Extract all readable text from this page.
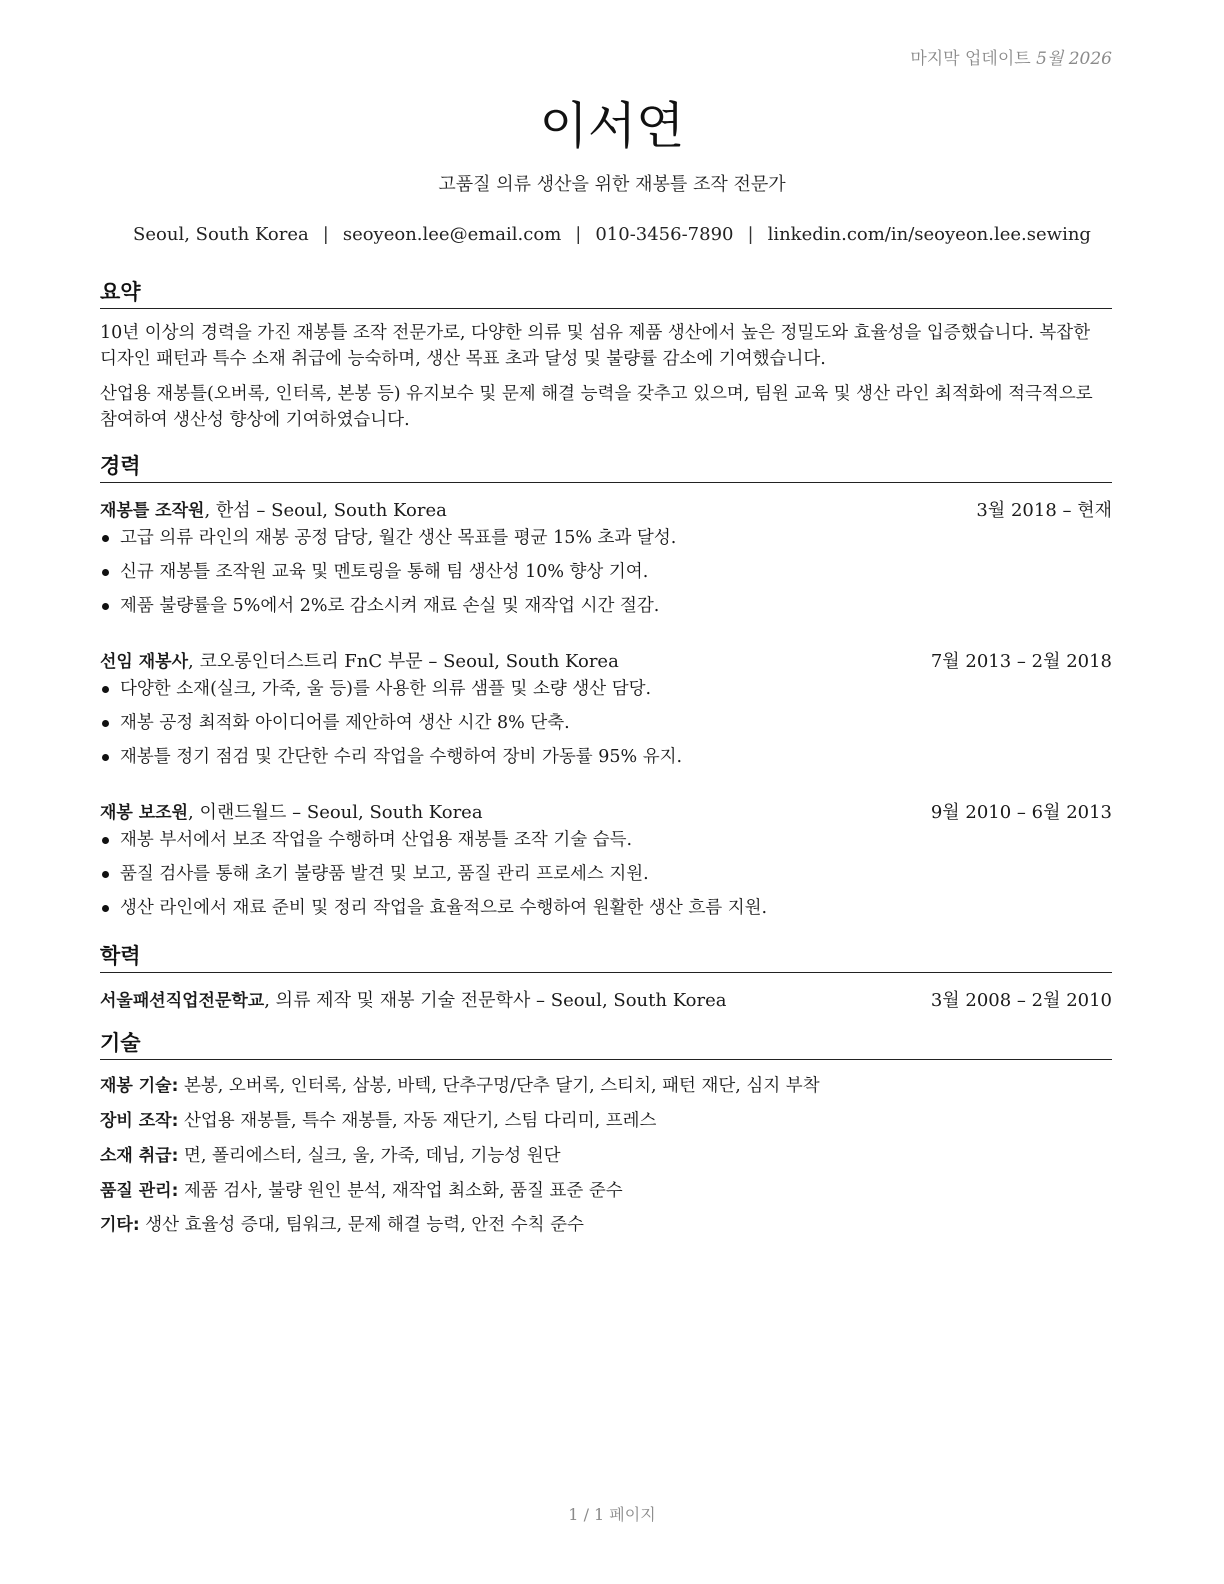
마지막 업데이트 5월 2026
이서연
고품질 의류 생산을 위한 재봉틀 조작 전문가
Seoul, South Korea | seoyeon.lee@email.com | 010-3456-7890 | linkedin.com/in/seoyeon.lee.sewing
요약
10년 이상의 경력을 가진 재봉틀 조작 전문가로, 다양한 의류 및 섬유 제품 생산에서 높은 정밀도와 효율성을 입증했습니다. 복잡한 디자인 패턴과 특수 소재 취급에 능숙하며, 생산 목표 초과 달성 및 불량률 감소에 기여했습니다.
산업용 재봉틀(오버록, 인터록, 본봉 등) 유지보수 및 문제 해결 능력을 갖추고 있으며, 팀원 교육 및 생산 라인 최적화에 적극적으로 참여하여 생산성 향상에 기여하였습니다.
경력
재봉틀 조작원, 한섬 – Seoul, South Korea	3월 2018 – 현재
고급 의류 라인의 재봉 공정 담당, 월간 생산 목표를 평균 15% 초과 달성.
신규 재봉틀 조작원 교육 및 멘토링을 통해 팀 생산성 10% 향상 기여.
제품 불량률을 5%에서 2%로 감소시켜 재료 손실 및 재작업 시간 절감.
선임 재봉사, 코오롱인더스트리 FnC 부문 – Seoul, South Korea	7월 2013 – 2월 2018
다양한 소재(실크, 가죽, 울 등)를 사용한 의류 샘플 및 소량 생산 담당.
재봉 공정 최적화 아이디어를 제안하여 생산 시간 8% 단축.
재봉틀 정기 점검 및 간단한 수리 작업을 수행하여 장비 가동률 95% 유지.
재봉 보조원, 이랜드월드 – Seoul, South Korea	9월 2010 – 6월 2013
재봉 부서에서 보조 작업을 수행하며 산업용 재봉틀 조작 기술 습득.
품질 검사를 통해 초기 불량품 발견 및 보고, 품질 관리 프로세스 지원.
생산 라인에서 재료 준비 및 정리 작업을 효율적으로 수행하여 원활한 생산 흐름 지원.
학력
서울패션직업전문학교, 의류 제작 및 재봉 기술 전문학사 – Seoul, South Korea	3월 2008 – 2월 2010
기술
재봉 기술: 본봉, 오버록, 인터록, 삼봉, 바텍, 단추구멍/단추 달기, 스티치, 패턴 재단, 심지 부착
장비 조작: 산업용 재봉틀, 특수 재봉틀, 자동 재단기, 스팀 다리미, 프레스
소재 취급: 면, 폴리에스터, 실크, 울, 가죽, 데님, 기능성 원단
품질 관리: 제품 검사, 불량 원인 분석, 재작업 최소화, 품질 표준 준수
기타: 생산 효율성 증대, 팀워크, 문제 해결 능력, 안전 수칙 준수
1 / 1 페이지
